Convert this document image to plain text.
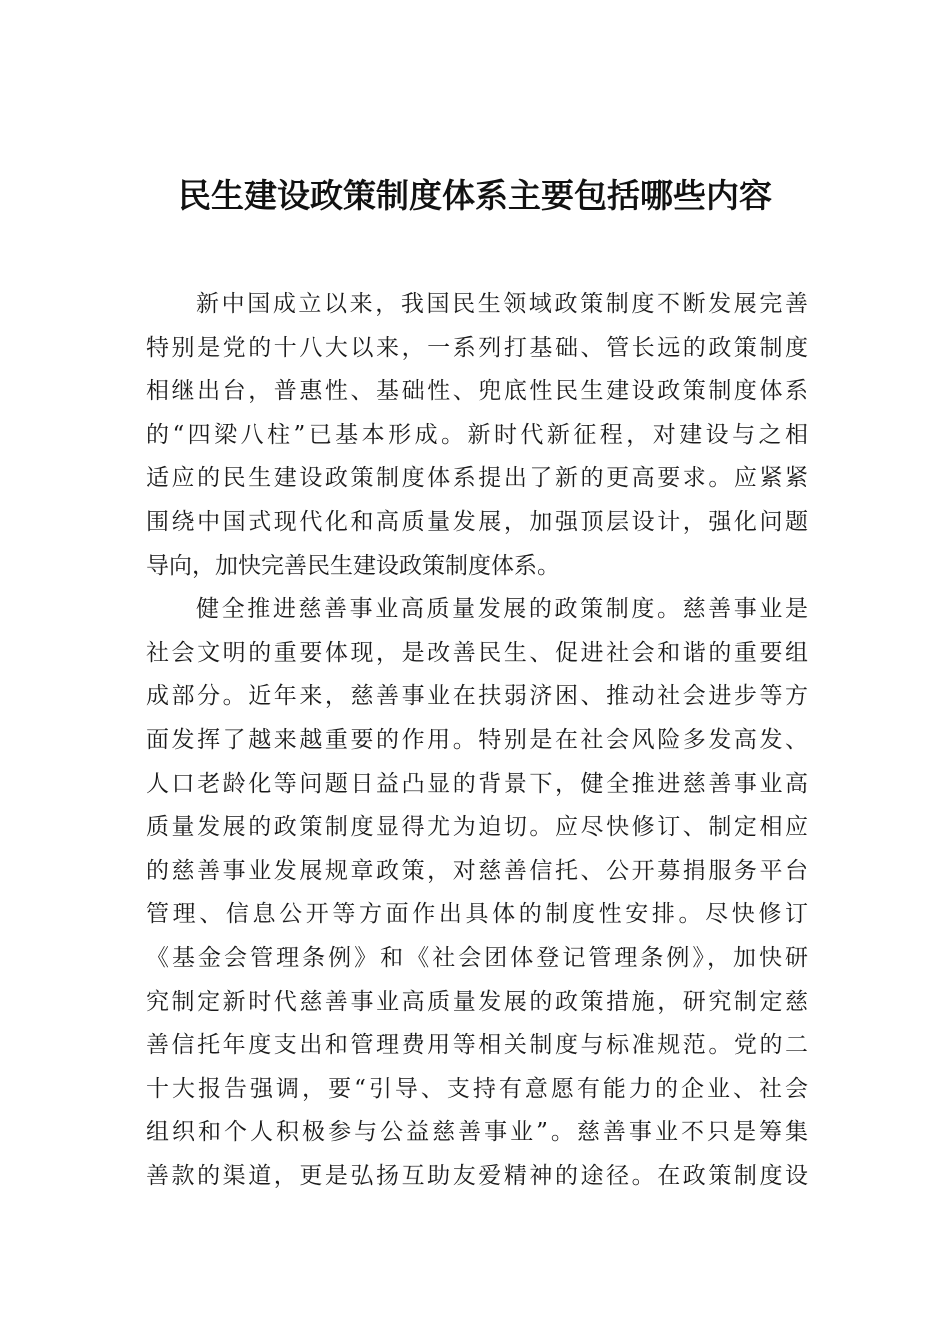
民生建设政策制度体系主要包括哪些内容
新中国成立以来，我国民生领域政策制度不断发展完善
特别是党的十八大以来，一系列打基础、管长远的政策制度
相继出台，普惠性、基础性、兜底性民生建设政策制度体系
的“四梁八柱”已基本形成。新时代新征程，对建设与之相
适应的民生建设政策制度体系提出了新的更高要求。应紧紧
围绕中国式现代化和高质量发展，加强顶层设计，强化问题
导向，加快完善民生建设政策制度体系。
健全推进慈善事业高质量发展的政策制度。慈善事业是
社会文明的重要体现，是改善民生、促进社会和谐的重要组
成部分。近年来，慈善事业在扶弱济困、推动社会进步等方
面发挥了越来越重要的作用。特别是在社会风险多发高发、
人口老龄化等问题日益凸显的背景下，健全推进慈善事业高
质量发展的政策制度显得尤为迫切。应尽快修订、制定相应
的慈善事业发展规章政策，对慈善信托、公开募捐服务平台
管理、信息公开等方面作出具体的制度性安排。尽快修订
《基金会管理条例》和《社会团体登记管理条例》，加快研
究制定新时代慈善事业高质量发展的政策措施，研究制定慈
善信托年度支出和管理费用等相关制度与标准规范。党的二
十大报告强调，要“引导、支持有意愿有能力的企业、社会
组织和个人积极参与公益慈善事业”。慈善事业不只是筹集
善款的渠道，更是弘扬互助友爱精神的途径。在政策制度设
